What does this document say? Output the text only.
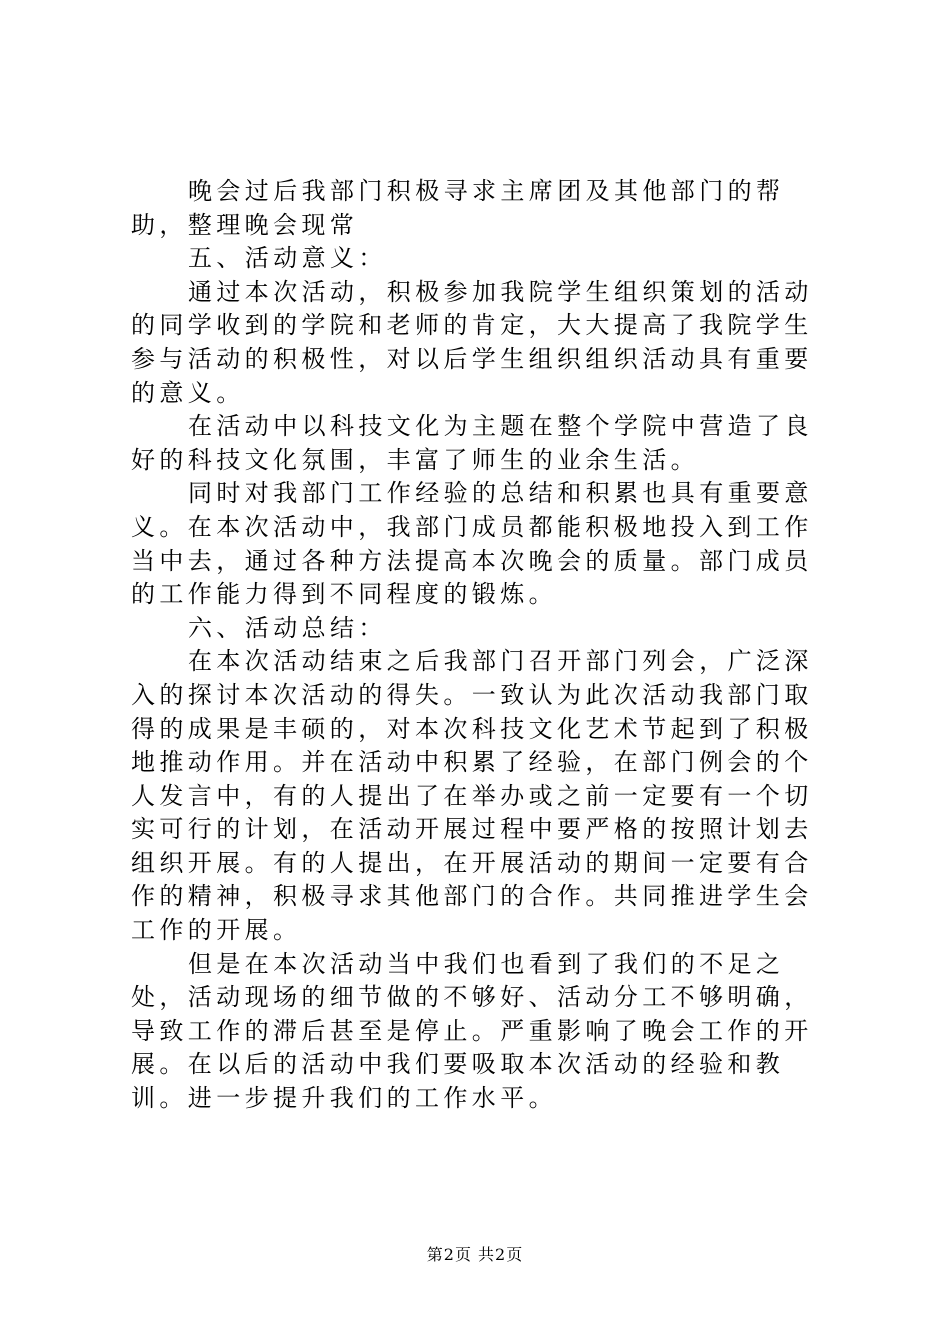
晚会过后我部门积极寻求主席团及其他部门的帮助，整理晚会现常

五、活动意义：

通过本次活动，积极参加我院学生组织策划的活动的同学收到的学院和老师的肯定，大大提高了我院学生参与活动的积极性，对以后学生组织组织活动具有重要的意义。

在活动中以科技文化为主题在整个学院中营造了良好的科技文化氛围，丰富了师生的业余生活。

同时对我部门工作经验的总结和积累也具有重要意义。在本次活动中，我部门成员都能积极地投入到工作当中去，通过各种方法提高本次晚会的质量。部门成员的工作能力得到不同程度的锻炼。

六、活动总结：

在本次活动结束之后我部门召开部门列会，广泛深入的探讨本次活动的得失。一致认为此次活动我部门取得的成果是丰硕的，对本次科技文化艺术节起到了积极地推动作用。并在活动中积累了经验，在部门例会的个人发言中，有的人提出了在举办或之前一定要有一个切实可行的计划，在活动开展过程中要严格的按照计划去组织开展。有的人提出，在开展活动的期间一定要有合作的精神，积极寻求其他部门的合作。共同推进学生会工作的开展。

但是在本次活动当中我们也看到了我们的不足之处，活动现场的细节做的不够好、活动分工不够明确，导致工作的滞后甚至是停止。严重影响了晚会工作的开展。在以后的活动中我们要吸取本次活动的经验和教训。进一步提升我们的工作水平。

第2页 共2页
